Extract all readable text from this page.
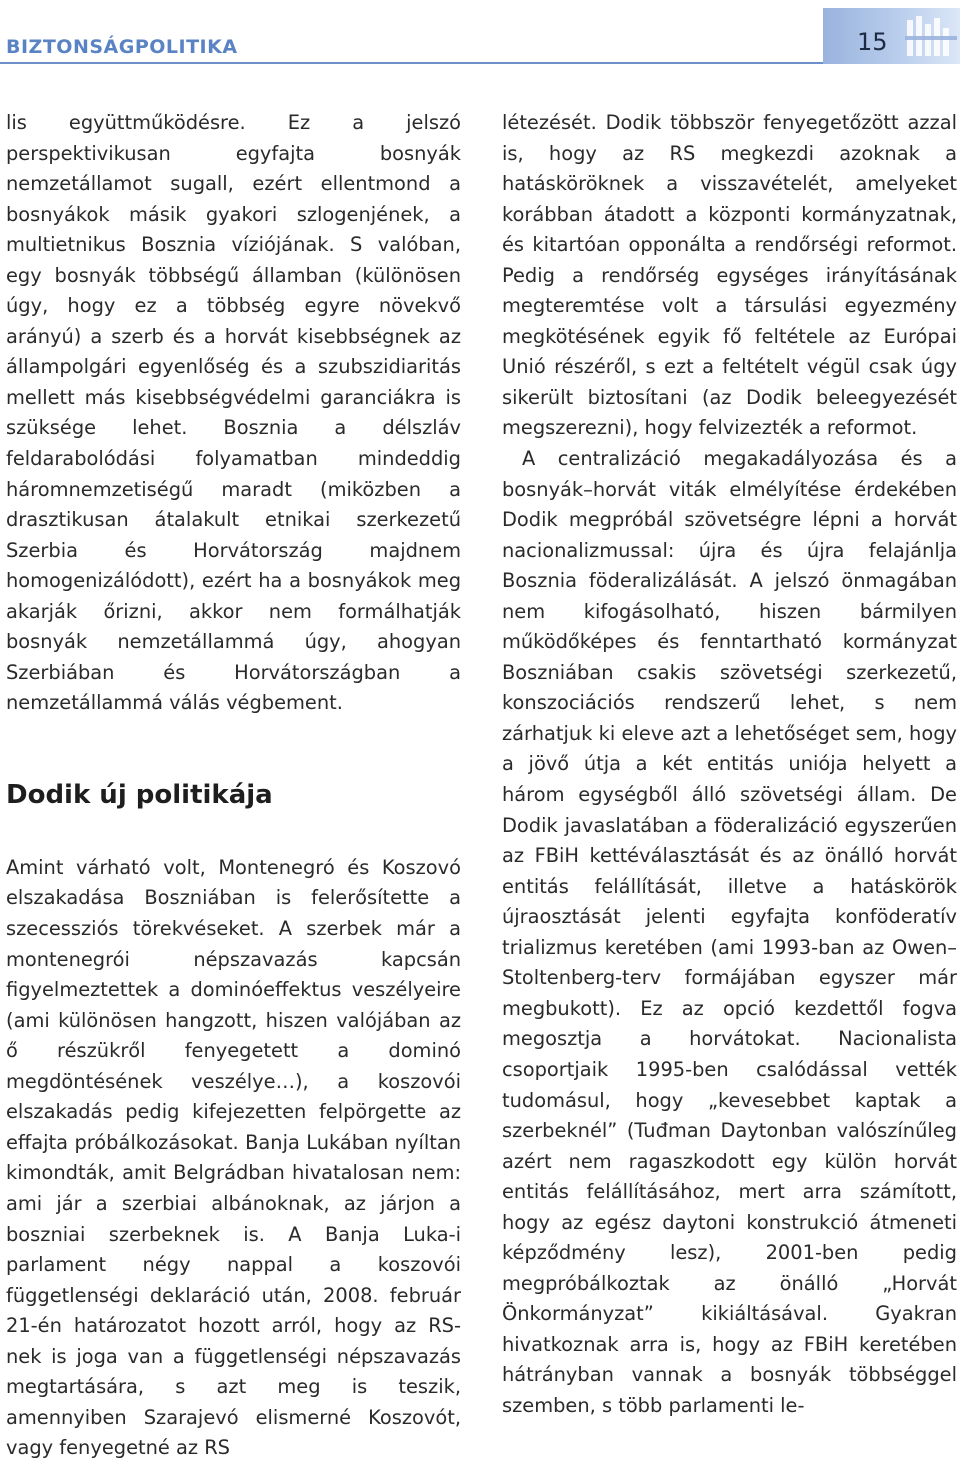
BIZTONSÁGPOLITIKA	15

lis együttműködésre. Ez a jelszó perspektivikusan egyfajta bosnyák nemzetállamot sugall, ezért ellentmond a bosnyákok másik gyakori szlogenjének, a multietnikus Bosznia víziójának. S valóban, egy bosnyák többségű államban (különösen úgy, hogy ez a többség egyre növekvő arányú) a szerb és a horvát kisebbségnek az állampolgári egyenlőség és a szubszidiaritás mellett más kisebbségvédelmi garanciákra is szüksége lehet. Bosznia a délszláv feldarabolódási folyamatban mindeddig háromnemzetiségű maradt (miközben a drasztikusan átalakult etnikai szerkezetű Szerbia és Horvátország majdnem homogenizálódott), ezért ha a bosnyákok meg akarják őrizni, akkor nem formálhatják bosnyák nemzetállammá úgy, ahogyan Szerbiában és Horvátországban a nemzetállammá válás végbement.

Dodik új politikája

Amint várható volt, Montenegró és Koszovó elszakadása Boszniában is felerősítette a szecessziós törekvéseket. A szerbek már a montenegrói népszavazás kapcsán figyelmeztettek a dominóeffektus veszélyeire (ami különösen hangzott, hiszen valójában az ő részükről fenyegetett a dominó megdöntésének veszélye…), a koszovói elszakadás pedig kifejezetten felpörgette az effajta próbálkozásokat. Banja Lukában nyíltan kimondták, amit Belgrádban hivatalosan nem: ami jár a szerbiai albánoknak, az járjon a boszniai szerbeknek is. A Banja Luka-i parlament négy nappal a koszovói függetlenségi deklaráció után, 2008. február 21-én határozatot hozott arról, hogy az RS-nek is joga van a függetlenségi népszavazás megtartására, s azt meg is teszik, amennyiben Szarajevó elismerné Koszovót, vagy fenyegetné az RS

létezését. Dodik többször fenyegetőzött azzal is, hogy az RS megkezdi azoknak a hatásköröknek a visszavételét, amelyeket korábban átadott a központi kormányzatnak, és kitartóan opponálta a rendőrségi reformot. Pedig a rendőrség egységes irányításának megteremtése volt a társulási egyezmény megkötésének egyik fő feltétele az Európai Unió részéről, s ezt a feltételt végül csak úgy sikerült biztosítani (az Dodik beleegyezését megszerezni), hogy felvizezték a reformot.

A centralizáció megakadályozása és a bosnyák–horvát viták elmélyítése érdekében Dodik megpróbál szövetségre lépni a horvát nacionalizmussal: újra és újra felajánlja Bosznia föderalizálását. A jelszó önmagában nem kifogásolható, hiszen bármilyen működőképes és fenntartható kormányzat Boszniában csakis szövetségi szerkezetű, konszociációs rendszerű lehet, s nem zárhatjuk ki eleve azt a lehetőséget sem, hogy a jövő útja a két entitás uniója helyett a három egységből álló szövetségi állam. De Dodik javaslatában a föderalizáció egyszerűen az FBiH kettéválasztását és az önálló horvát entitás felállítását, illetve a hatáskörök újraosztását jelenti egyfajta konföderatív trializmus keretében (ami 1993-ban az Owen–Stoltenberg-terv formájában egyszer már megbukott). Ez az opció kezdettől fogva megosztja a horvátokat. Nacionalista csoportjaik 1995-ben csalódással vették tudomásul, hogy „kevesebbet kaptak a szerbeknél” (Tuđman Daytonban valószínűleg azért nem ragaszkodott egy külön horvát entitás felállításához, mert arra számított, hogy az egész daytoni konstrukció átmeneti képződmény lesz), 2001-ben pedig megpróbálkoztak az önálló „Horvát Önkormányzat” kikiáltásával. Gyakran hivatkoznak arra is, hogy az FBiH keretében hátrányban vannak a bosnyák többséggel szemben, s több parlamenti le-
